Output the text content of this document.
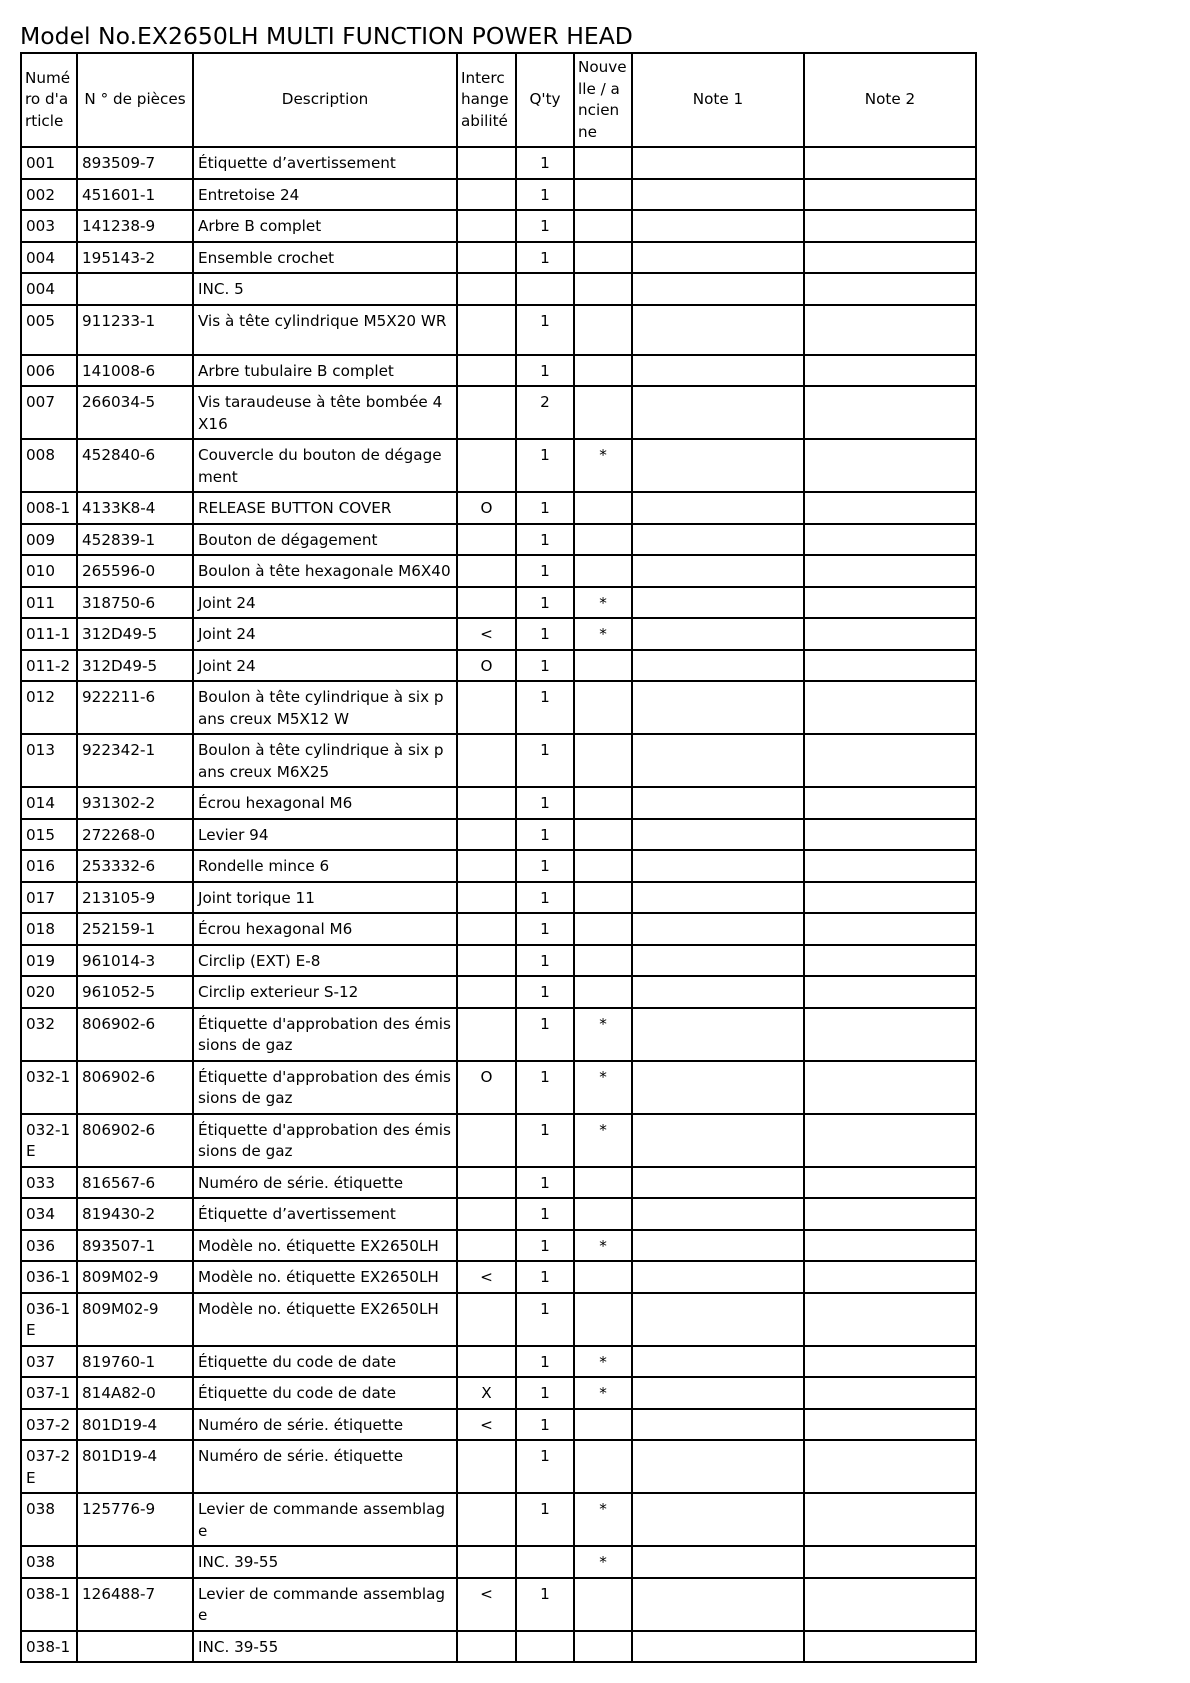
Model No.EX2650LH MULTI FUNCTION POWER HEAD
Numéro d'article	N ° de pièces	Description	Interchangeabilité	Q'ty	Nouvelle / ancienne	Note 1	Note 2
001	893509-7	Étiquette d’avertissement		1			
002	451601-1	Entretoise 24		1			
003	141238-9	Arbre B complet		1			
004	195143-2	Ensemble crochet		1			
004		INC. 5					
005	911233-1	Vis à tête cylindrique M5X20 WR		1			
006	141008-6	Arbre tubulaire B complet		1			
007	266034-5	Vis taraudeuse à tête bombée 4X16		2			
008	452840-6	Couvercle du bouton de dégagement		1	*		
008-1	4133K8-4	RELEASE BUTTON COVER	O	1			
009	452839-1	Bouton de dégagement		1			
010	265596-0	Boulon à tête hexagonale M6X40		1			
011	318750-6	Joint 24		1	*		
011-1	312D49-5	Joint 24	<	1	*		
011-2	312D49-5	Joint 24	O	1			
012	922211-6	Boulon à tête cylindrique à six pans creux M5X12 W		1			
013	922342-1	Boulon à tête cylindrique à six pans creux M6X25		1			
014	931302-2	Écrou hexagonal M6		1			
015	272268-0	Levier 94		1			
016	253332-6	Rondelle mince 6		1			
017	213105-9	Joint torique 11		1			
018	252159-1	Écrou hexagonal M6		1			
019	961014-3	Circlip (EXT) E-8		1			
020	961052-5	Circlip exterieur S-12		1			
032	806902-6	Étiquette d'approbation des émissions de gaz		1	*		
032-1	806902-6	Étiquette d'approbation des émissions de gaz	O	1	*		
032-1E	806902-6	Étiquette d'approbation des émissions de gaz		1	*		
033	816567-6	Numéro de série. étiquette		1			
034	819430-2	Étiquette d’avertissement		1			
036	893507-1	Modèle no. étiquette EX2650LH		1	*		
036-1	809M02-9	Modèle no. étiquette EX2650LH	<	1			
036-1E	809M02-9	Modèle no. étiquette EX2650LH		1			
037	819760-1	Étiquette du code de date		1	*		
037-1	814A82-0	Étiquette du code de date	X	1	*		
037-2	801D19-4	Numéro de série. étiquette	<	1			
037-2E	801D19-4	Numéro de série. étiquette		1			
038	125776-9	Levier de commande assemblage		1	*		
038		INC. 39-55			*		
038-1	126488-7	Levier de commande assemblage	<	1			
038-1		INC. 39-55					
